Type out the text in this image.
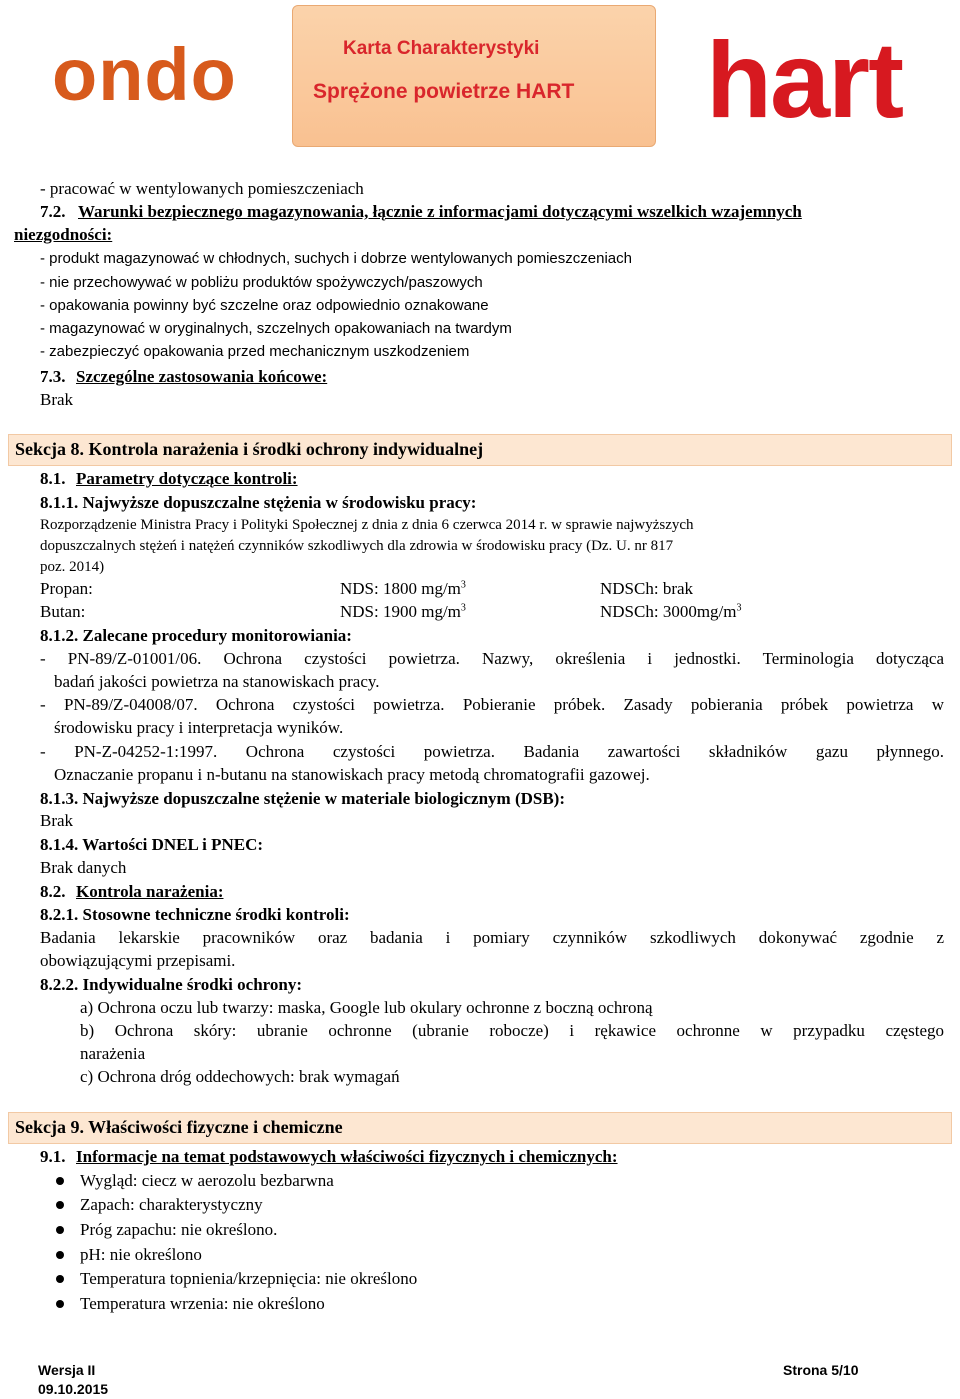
ondo	Karta Charakterystyki
Sprężone powietrze HART hart
- pracować w wentylowanych pomieszczeniach
7.2. Warunki bezpiecznego magazynowania, łącznie z informacjami dotyczącymi wszelkich wzajemnych
niezgodności:
- produkt magazynować w chłodnych, suchych i dobrze wentylowanych pomieszczeniach
- nie przechowywać w pobliżu produktów spożywczych/paszowych
- opakowania powinny być szczelne oraz odpowiednio oznakowane
- magazynować w oryginalnych, szczelnych opakowaniach na twardym
- zabezpieczyć opakowania przed mechanicznym uszkodzeniem
7.3. Szczególne zastosowania końcowe:
Brak
Sekcja 8. Kontrola narażenia i środki ochrony indywidualnej
8.1. Parametry dotyczące kontroli:
8.1.1. Najwyższe dopuszczalne stężenia w środowisku pracy:
Rozporządzenie Ministra Pracy i Polityki Społecznej z dnia z dnia 6 czerwca 2014 r. w sprawie najwyższych
dopuszczalnych stężeń i natężeń czynników szkodliwych dla zdrowia w środowisku pracy (Dz. U. nr 817
poz. 2014)
Propan:	NDS: 1800 $mg/m^3$	NDSCh: brak
Butan:	NDS: 1900 $mg/m^3$	NDSCh: $3000mg/m^3$
8.1.2. Zalecane procedury monitorowiania:
- PN-89/Z-01001/06. Ochrona czystości powietrza. Nazwy, określenia i jednostki. Terminologia dotycząca
badań jakości powietrza na stanowiskach pracy.
- PN-89/Z-04008/07. Ochrona czystości powietrza. Pobieranie próbek. Zasady pobierania próbek powietrza w
środowisku pracy i interpretacja wyników.
- PN-Z-04252-1:1997. Ochrona czystości powietrza. Badania zawartości składników gazu płynnego.
Oznaczanie propanu i n-butanu na stanowiskach pracy metodą chromatografii gazowej.
8.1.3. Najwyższe dopuszczalne stężenie w materiale biologicznym (DSB):
Brak
8.1.4. Wartości DNEL i PNEC:
Brak danych
8.2. Kontrola narażenia:
8.2.1. Stosowne techniczne środki kontroli:
Badania lekarskie pracowników oraz badania i pomiary czynników szkodliwych dokonywać zgodnie z
obowiązującymi przepisami.
8.2.2. Indywidualne środki ochrony:
a) Ochrona oczu lub twarzy: maska, Google lub okulary ochronne z boczną ochroną
b) Ochrona skóry: ubranie ochronne (ubranie robocze) i rękawice ochronne w przypadku częstego
narażenia
c) Ochrona dróg oddechowych: brak wymagań
Sekcja 9. Właściwości fizyczne i chemiczne
9.1. Informacje na temat podstawowych właściwości fizycznych i chemicznych:
Wygląd: ciecz w aerozolu bezbarwna
Zapach: charakterystyczny
Próg zapachu: nie określono.
pH: nie określono
Temperatura topnienia/krzepnięcia: nie określono
Temperatura wrzenia: nie określono
Wersja II
09.10.2015
Strona 5/10
